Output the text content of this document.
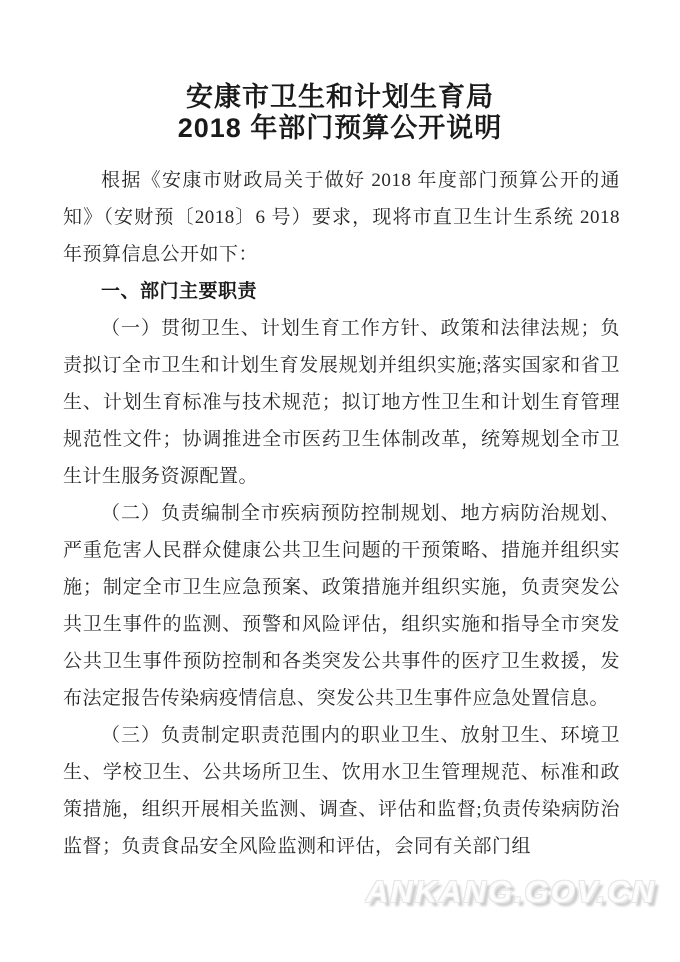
安康市卫生和计划生育局
2018 年部门预算公开说明

根据《安康市财政局关于做好 2018 年度部门预算公开的通知》（安财预〔2018〕6 号）要求，现将市直卫生计生系统 2018 年预算信息公开如下：

一、部门主要职责

（一）贯彻卫生、计划生育工作方针、政策和法律法规；负责拟订全市卫生和计划生育发展规划并组织实施;落实国家和省卫生、计划生育标准与技术规范；拟订地方性卫生和计划生育管理规范性文件；协调推进全市医药卫生体制改革，统筹规划全市卫生计生服务资源配置。

（二）负责编制全市疾病预防控制规划、地方病防治规划、严重危害人民群众健康公共卫生问题的干预策略、措施并组织实施；制定全市卫生应急预案、政策措施并组织实施，负责突发公共卫生事件的监测、预警和风险评估，组织实施和指导全市突发公共卫生事件预防控制和各类突发公共事件的医疗卫生救援，发布法定报告传染病疫情信息、突发公共卫生事件应急处置信息。

（三）负责制定职责范围内的职业卫生、放射卫生、环境卫生、学校卫生、公共场所卫生、饮用水卫生管理规范、标准和政策措施，组织开展相关监测、调查、评估和监督;负责传染病防治监督；负责食品安全风险监测和评估，会同有关部门组

ANKANG.GOV.CN
